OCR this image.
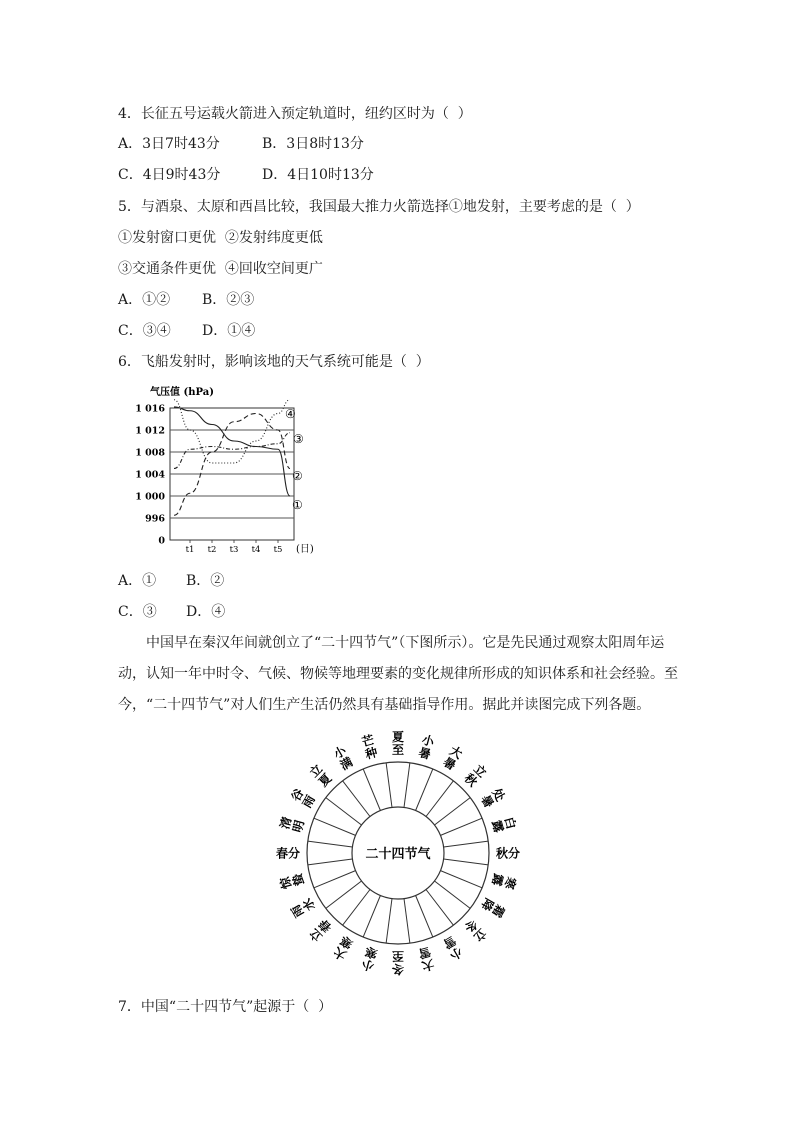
4．长征五号运载火箭进入预定轨道时，纽约区时为（  ）
A．3日7时43分	B．3日8时13分
C．4日9时43分	D．4日10时13分
5．与酒泉、太原和西昌比较，我国最大推力火箭选择①地发射，主要考虑的是（  ）
①发射窗口更优  ②发射纬度更低
③交通条件更优  ④回收空间更广
A．①② B．②③
C．③④ D．①④
6．飞船发射时，影响该地的天气系统可能是（  ）
气压值 (hPa)
1 016
1 012
1 008
1 004
1 000
996
0
t1 t2 t3 t4 t5
①
②
③
④
(日)
A．① B．②
C．③ D．④

中国早在秦汉年间就创立了“二十四节气”（下图所示）。它是先民通过观察太阳周年运动，认知一年中时令、气候、物候等地理要素的变化规律所形成的知识体系和社会经验。至今，“二十四节气”对人们生产生活仍然具有基础指导作用。据此并读图完成下列各题。

二十四节气
夏
至
小
暑 大
暑 立
秋
处
暑
白
露
秋分
寒
露
霜
降
立
冬
小
雪
大
雪
冬
至
小
寒
大
寒
立
春
雨
水
惊
蛰
春分
清
明
谷
雨
立
夏
小
满
芒
种
7．中国“二十四节气”起源于（  ）
